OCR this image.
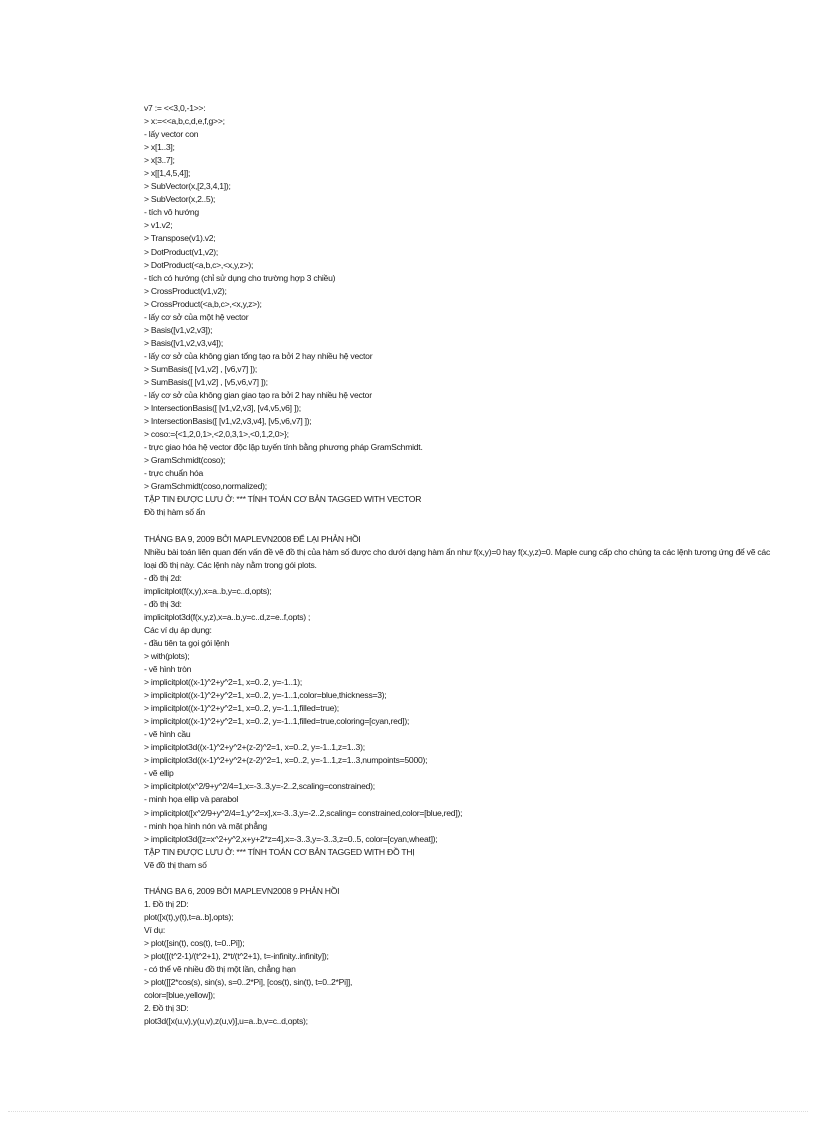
v7 := <<3,0,-1>>:
> x:=<<a,b,c,d,e,f,g>>;
- lấy vector con
> x[1..3];
> x[3..7];
> x[[1,4,5,4]];
> SubVector(x,[2,3,4,1]);
> SubVector(x,2..5);
- tích vô hướng
> v1.v2;
> Transpose(v1).v2;
> DotProduct(v1,v2);
> DotProduct(<a,b,c>,<x,y,z>);
- tích có hướng (chỉ sử dụng cho trường hợp 3 chiều)
> CrossProduct(v1,v2);
> CrossProduct(<a,b,c>,<x,y,z>);
- lấy cơ sở của một hệ vector
> Basis([v1,v2,v3]);
> Basis([v1,v2,v3,v4]);
- lấy cơ sở của không gian tổng tạo ra bởi 2 hay nhiều hệ vector
> SumBasis([ [v1,v2] , [v6,v7] ]);
> SumBasis([ [v1,v2] , [v5,v6,v7] ]);
- lấy cơ sở của không gian giao tạo ra bởi 2 hay nhiều hệ vector
> IntersectionBasis([ [v1,v2,v3], [v4,v5,v6] ]);
> IntersectionBasis([ [v1,v2,v3,v4], [v5,v6,v7] ]);
> coso:={<1,2,0,1>,<2,0,3,1>,<0,1,2,0>};
- trực giao hóa hệ vector độc lập tuyến tính bằng phương pháp GramSchmidt.
> GramSchmidt(coso);
- trực chuẩn hóa
> GramSchmidt(coso,normalized);
TẬP TIN ĐƯỢC LƯU Ở: *** TÍNH TOÁN CƠ BẢN TAGGED WITH VECTOR
Đồ thị hàm số ẩn
THÁNG BA 9, 2009 BỞI MAPLEVN2008 ĐỂ LẠI PHẢN HỒI
Nhiều bài toán liên quan đến vấn đề vẽ đồ thị của hàm số được cho dưới dạng hàm ẩn như f(x,y)=0 hay f(x,y,z)=0. Maple cung cấp cho chúng ta các lệnh tương ứng để vẽ các loại đồ thị này. Các lệnh này nằm trong gói plots.
- đồ thị 2d:
implicitplot(f(x,y),x=a..b,y=c..d,opts);
- đồ thị 3d:
implicitplot3d(f(x,y,z),x=a..b,y=c..d,z=e..f,opts) ;
Các ví dụ áp dụng:
- đầu tiên ta gọi gói lệnh
> with(plots);
- vẽ hình tròn
> implicitplot((x-1)^2+y^2=1, x=0..2, y=-1..1);
> implicitplot((x-1)^2+y^2=1, x=0..2, y=-1..1,color=blue,thickness=3);
> implicitplot((x-1)^2+y^2=1, x=0..2, y=-1..1,filled=true);
> implicitplot((x-1)^2+y^2=1, x=0..2, y=-1..1,filled=true,coloring=[cyan,red]);
- vẽ hình cầu
> implicitplot3d((x-1)^2+y^2+(z-2)^2=1, x=0..2, y=-1..1,z=1..3);
> implicitplot3d((x-1)^2+y^2+(z-2)^2=1, x=0..2, y=-1..1,z=1..3,numpoints=5000);
- vẽ ellip
> implicitplot(x^2/9+y^2/4=1,x=-3..3,y=-2..2,scaling=constrained);
- minh họa ellip và parabol
> implicitplot([x^2/9+y^2/4=1,y^2=x],x=-3..3,y=-2..2,scaling= constrained,color=[blue,red]);
- minh họa hình nón và mặt phẳng
> implicitplot3d([z=x^2+y^2,x+y+2*z=4],x=-3..3,y=-3..3,z=0..5, color=[cyan,wheat]);
TẬP TIN ĐƯỢC LƯU Ở: *** TÍNH TOÁN CƠ BẢN TAGGED WITH ĐỒ THỊ
Vẽ đồ thị tham số
THÁNG BA 6, 2009 BỞI MAPLEVN2008 9 PHẢN HỒI
1. Đồ thị 2D:
plot([x(t),y(t),t=a..b],opts);
Ví dụ:
> plot([sin(t), cos(t), t=0..Pi]);
> plot([(t^2-1)/(t^2+1), 2*t/(t^2+1), t=-infinity..infinity]);
- có thể vẽ nhiều đồ thị một lần, chẳng hạn
> plot([[2*cos(s), sin(s), s=0..2*Pi], [cos(t), sin(t), t=0..2*Pi]],
color=[blue,yellow]);
2. Đồ thị 3D:
plot3d([x(u,v),y(u,v),z(u,v)],u=a..b,v=c..d,opts);
